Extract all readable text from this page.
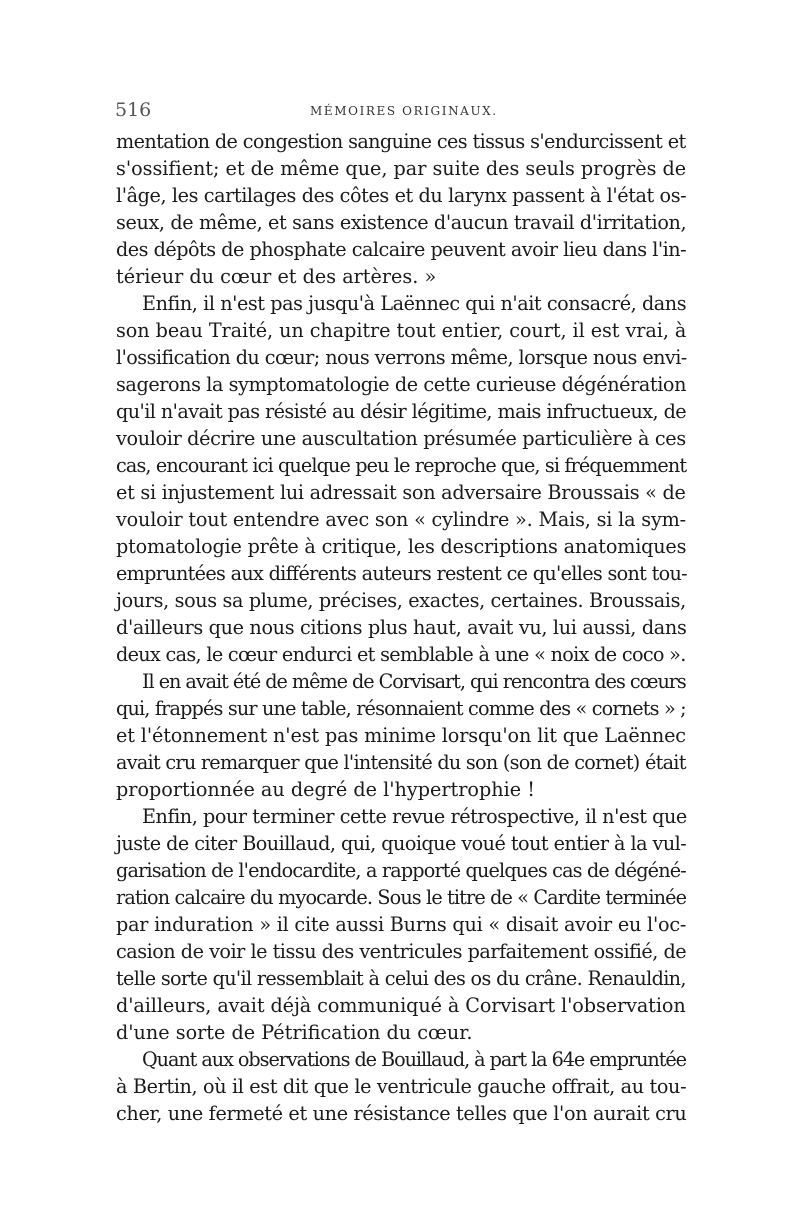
516	MÉMOIRES ORIGINAUX.
mentation de congestion sanguine ces tissus s'endurcissent et
s'ossifient; et de même que, par suite des seuls progrès de
l'âge, les cartilages des côtes et du larynx passent à l'état os-
seux, de même, et sans existence d'aucun travail d'irritation,
des dépôts de phosphate calcaire peuvent avoir lieu dans l'in-
térieur du cœur et des artères. »
Enfin, il n'est pas jusqu'à Laënnec qui n'ait consacré, dans
son beau Traité, un chapitre tout entier, court, il est vrai, à
l'ossification du cœur; nous verrons même, lorsque nous envi-
sagerons la symptomatologie de cette curieuse dégénération
qu'il n'avait pas résisté au désir légitime, mais infructueux, de
vouloir décrire une auscultation présumée particulière à ces
cas, encourant ici quelque peu le reproche que, si fréquemment
et si injustement lui adressait son adversaire Broussais « de
vouloir tout entendre avec son « cylindre ». Mais, si la sym-
ptomatologie prête à critique, les descriptions anatomiques
empruntées aux différents auteurs restent ce qu'elles sont tou-
jours, sous sa plume, précises, exactes, certaines. Broussais,
d'ailleurs que nous citions plus haut, avait vu, lui aussi, dans
deux cas, le cœur endurci et semblable à une « noix de coco ».
Il en avait été de même de Corvisart, qui rencontra des cœurs
qui, frappés sur une table, résonnaient comme des « cornets » ;
et l'étonnement n'est pas minime lorsqu'on lit que Laënnec
avait cru remarquer que l'intensité du son (son de cornet) était
proportionnée au degré de l'hypertrophie !
Enfin, pour terminer cette revue rétrospective, il n'est que
juste de citer Bouillaud, qui, quoique voué tout entier à la vul-
garisation de l'endocardite, a rapporté quelques cas de dégéné-
ration calcaire du myocarde. Sous le titre de « Cardite terminée
par induration » il cite aussi Burns qui « disait avoir eu l'oc-
casion de voir le tissu des ventricules parfaitement ossifié, de
telle sorte qu'il ressemblait à celui des os du crâne. Renauldin,
d'ailleurs, avait déjà communiqué à Corvisart l'observation
d'une sorte de Pétrification du cœur.
Quant aux observations de Bouillaud, à part la 64e empruntée
à Bertin, où il est dit que le ventricule gauche offrait, au tou-
cher, une fermeté et une résistance telles que l'on aurait cru
